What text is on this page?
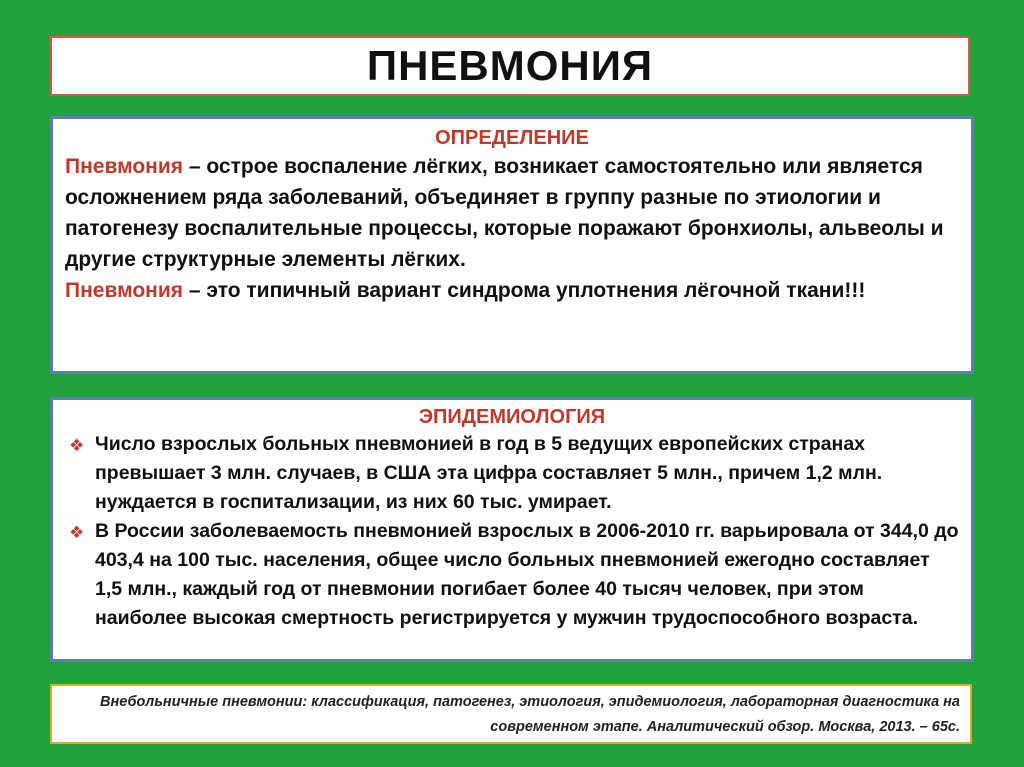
ПНЕВМОНИЯ
ОПРЕДЕЛЕНИЕ
Пневмония – острое воспаление лёгких, возникает самостоятельно или является осложнением ряда заболеваний, объединяет в группу разные по этиологии и патогенезу воспалительные процессы, которые поражают бронхиолы, альвеолы и другие структурные элементы лёгких.
Пневмония – это типичный вариант синдрома уплотнения лёгочной ткани!!!
ЭПИДЕМИОЛОГИЯ
❖ Число взрослых больных пневмонией в год в 5 ведущих европейских странах превышает 3 млн. случаев, в США эта цифра составляет 5 млн., причем 1,2 млн. нуждается в госпитализации, из них 60 тыс. умирает.
❖ В России заболеваемость пневмонией взрослых в 2006-2010 гг. варьировала от 344,0 до 403,4 на 100 тыс. населения, общее число больных пневмонией ежегодно составляет 1,5 млн., каждый год от пневмонии погибает более 40 тысяч человек, при этом наиболее высокая смертность регистрируется у мужчин трудоспособного возраста.
Внебольничные пневмонии: классификация, патогенез, этиология, эпидемиология, лабораторная диагностика на современном этапе. Аналитический обзор. Москва, 2013. – 65с.
